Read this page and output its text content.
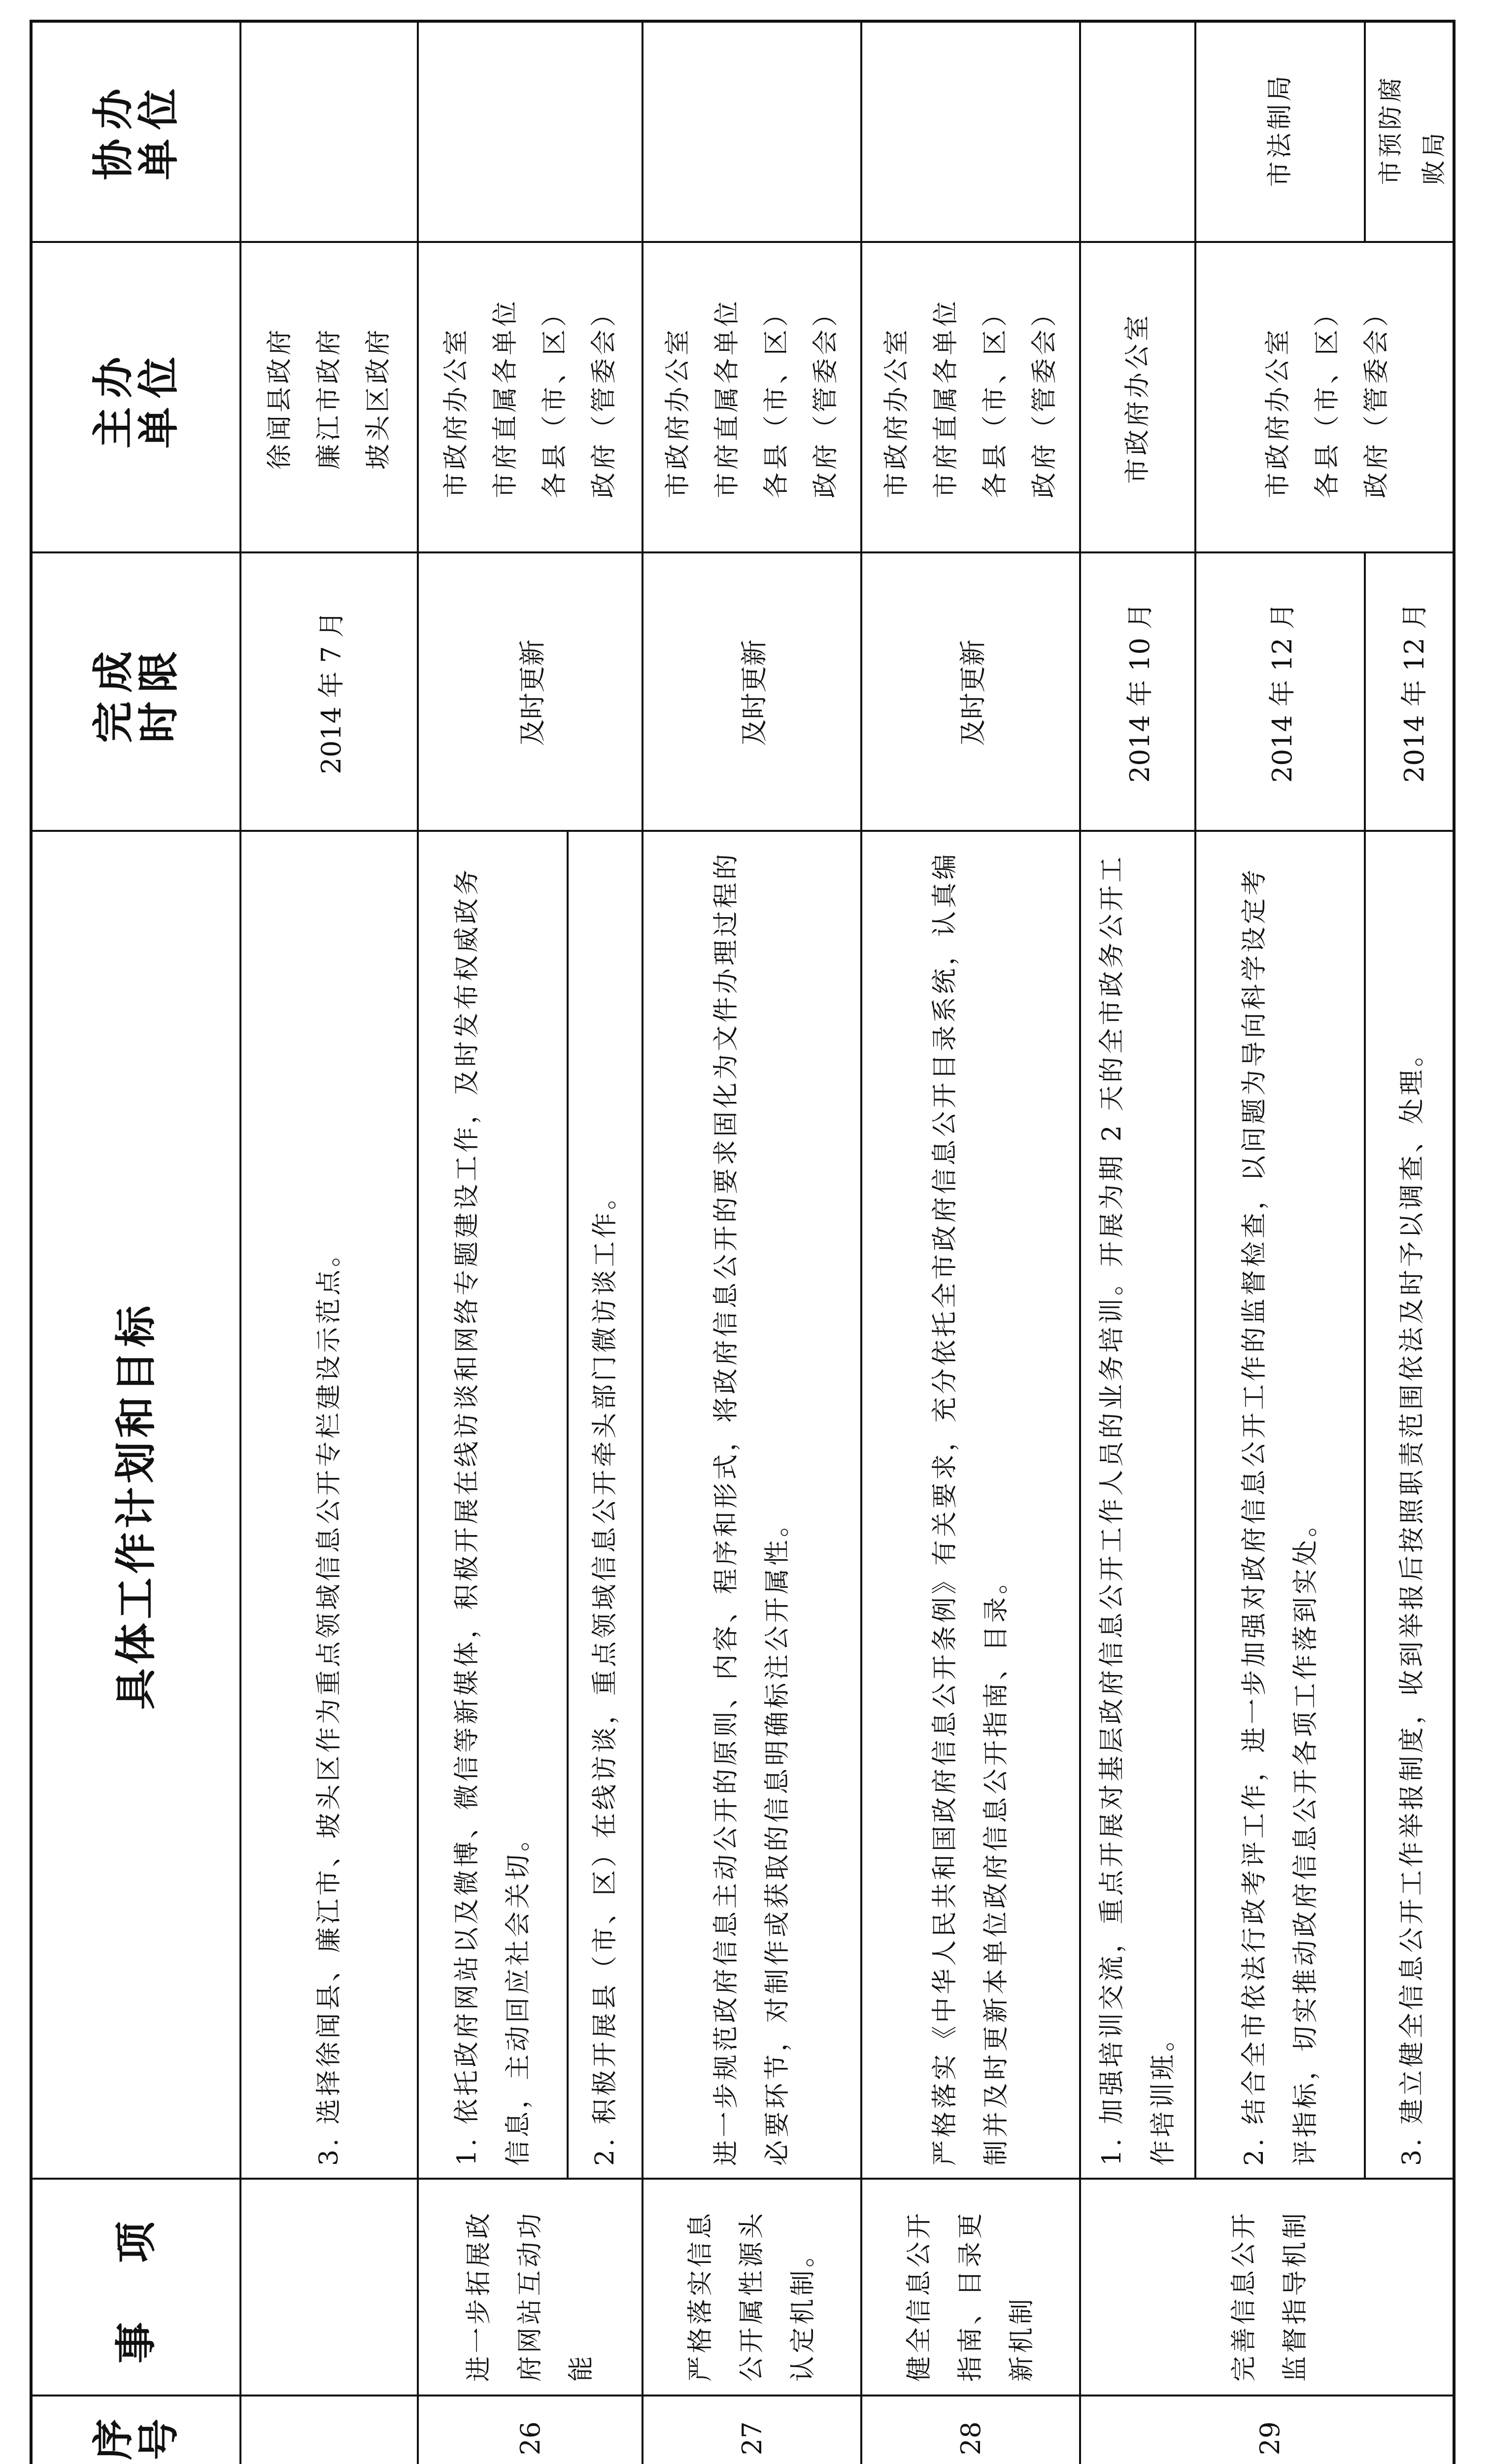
序
号
事　项
具体工作计划和目标
完成
时限
主办
单位
协办
单位
3. 选择徐闻县、廉江市、坡头区作为重点领域信息公开专栏建设示范点。
2014 年 7 月
徐闻县政府
廉江市政府
坡头区政府
26
进一步拓展政府网站互动功能
1. 依托政府网站以及微博、微信等新媒体，积极开展在线访谈和网络专题建设工作，及时发布权威政务信息，主动回应社会关切。	2. 积极开展县（市、区）在线访谈，重点领域信息公开牵头部门微访谈工作。
及时更新
市政府办公室
市府直属各单位
各县（市、区）
政府（管委会）
27
严格落实信息公开属性源头认定机制。
进一步规范政府信息主动公开的原则、内容、程序和形式，将政府信息公开的要求固化为文件办理过程的必要环节，对制作或获取的信息明确标注公开属性。
及时更新
市政府办公室
市府直属各单位
各县（市、区）
政府（管委会）
28
健全信息公开指南、目录更新机制
严格落实《中华人民共和国政府信息公开条例》有关要求，充分依托全市政府信息公开目录系统，认真编制并及时更新本单位政府信息公开指南、目录。
及时更新
市政府办公室
市府直属各单位
各县（市、区）
政府（管委会）
29
完善信息公开监督指导机制
1. 加强培训交流，重点开展对基层政府信息公开工作人员的业务培训。开展为期 2 天的全市政务公开工作培训班。
2014 年 10 月
市政府办公室
2. 结合全市依法行政考评工作，进一步加强对政府信息公开工作的监督检查，以问题为导向科学设定考评指标，切实推动政府信息公开各项工作落到实处。
2014 年 12 月
市政府办公室
各县（市、区）
政府（管委会）
市法制局
3. 建立健全信息公开工作举报制度，收到举报后按照职责范围依法及时予以调查、处理。
2014 年 12 月
市预防腐
败局
